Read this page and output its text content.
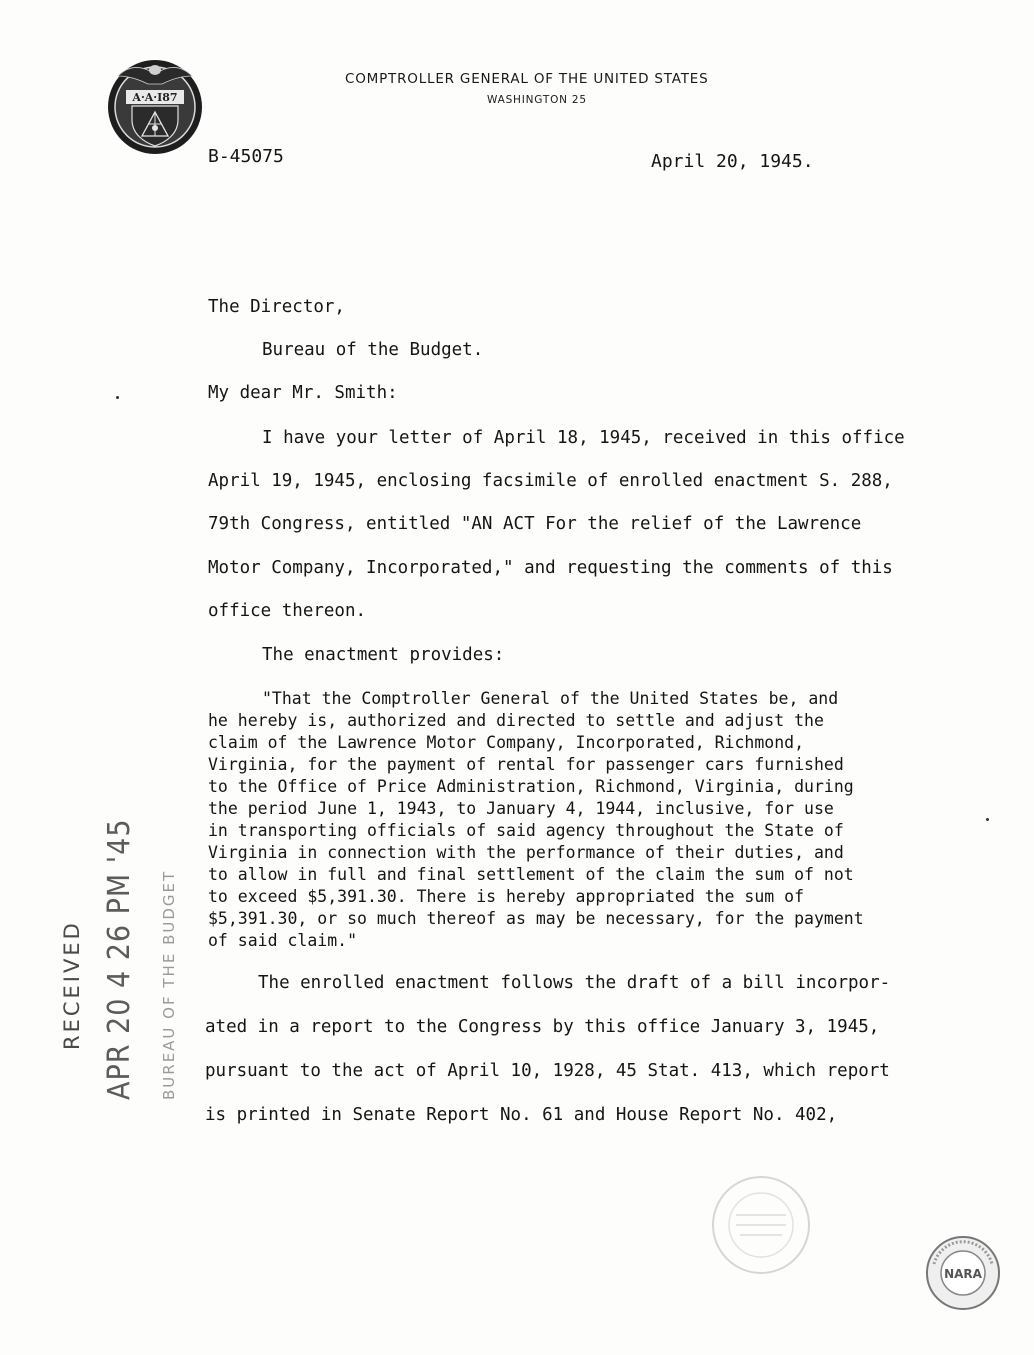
A·A·I87
COMPTROLLER GENERAL OF THE UNITED STATES
WASHINGTON 25
B-45075	April 20, 1945.
The Director,
Bureau of the Budget.
My dear Mr. Smith:
I have your letter of April 18, 1945, received in this office
April 19, 1945, enclosing facsimile of enrolled enactment S. 288,
79th Congress, entitled "AN ACT For the relief of the Lawrence
Motor Company, Incorporated," and requesting the comments of this
office thereon.
The enactment provides:
"That the Comptroller General of the United States be, and
he hereby is, authorized and directed to settle and adjust the
claim of the Lawrence Motor Company, Incorporated, Richmond,
Virginia, for the payment of rental for passenger cars furnished
to the Office of Price Administration, Richmond, Virginia, during
the period June 1, 1943, to January 4, 1944, inclusive, for use
in transporting officials of said agency throughout the State of
Virginia in connection with the performance of their duties, and
to allow in full and final settlement of the claim the sum of not
to exceed $5,391.30. There is hereby appropriated the sum of
$5,391.30, or so much thereof as may be necessary, for the payment
of said claim."
The enrolled enactment follows the draft of a bill incorpor-
ated in a report to the Congress by this office January 3, 1945,
pursuant to the act of April 10, 1928, 45 Stat. 413, which report
is printed in Senate Report No. 61 and House Report No. 402,
RECEIVED APR 20 4 26 PM '45 BUREAU OF THE BUDGET
NARA
